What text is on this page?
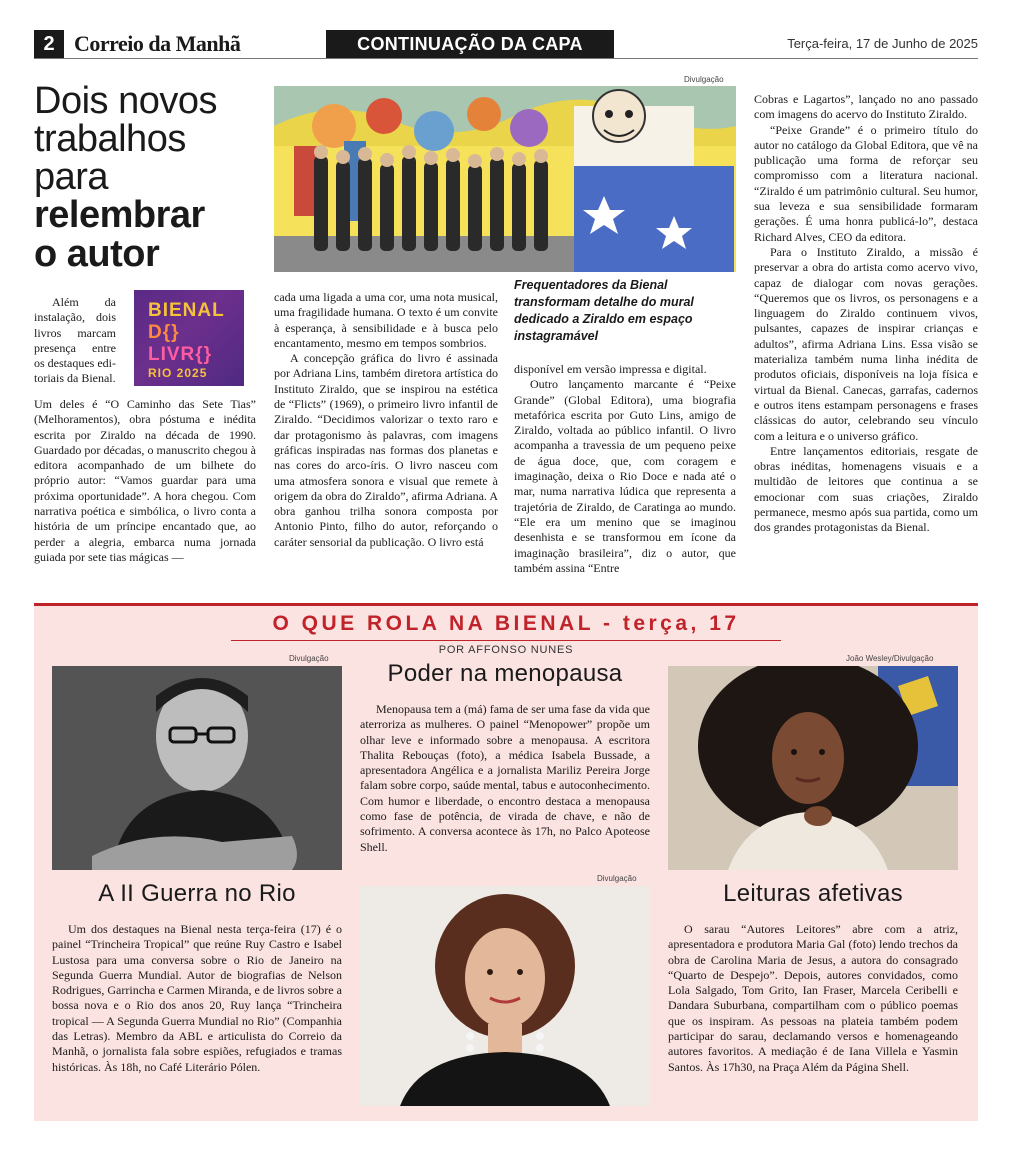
2 Correio da Manhã	CONTINUAÇÃO DA CAPA	Terça-feira, 17 de Junho de 2025
Dois novos
trabalhos
para
relembrar
o autor
Divulgação
Frequentadores da Bienal transformam detalhe do mural dedicado a Ziraldo em espaço instagramável
BIENAL
D{}
LIVR{}
RIO 2025

Além da instalação, dois livros marcam presença entre os destaques edi-toriais da Bienal.

Um deles é “O Caminho das Sete Tias” (Melhoramentos), obra póstuma e inédita escrita por Ziraldo na década de 1990. Guardado por décadas, o manuscrito chegou à editora acompanhado de um bilhete do próprio autor: “Vamos guardar para uma próxima oportunidade”. A hora chegou. Com narrativa poética e simbólica, o livro conta a história de um príncipe encantado que, ao perder a alegria, embarca numa jornada guiada por sete tias mágicas —

cada uma ligada a uma cor, uma nota musical, uma fragilidade humana. O texto é um convite à esperança, à sensibilidade e à busca pelo encantamento, mesmo em tempos sombrios.

A concepção gráfica do livro é assinada por Adriana Lins, também diretora artística do Instituto Ziraldo, que se inspirou na estética de “Flicts” (1969), o primeiro livro infantil de Ziraldo. “Decidimos valorizar o texto raro e dar protagonismo às palavras, com imagens gráficas inspiradas nas formas dos planetas e nas cores do arco-íris. O livro nasceu com uma atmosfera sonora e visual que remete à origem da obra do Ziraldo”, afirma Adriana. A obra ganhou trilha sonora composta por Antonio Pinto, filho do autor, reforçando o caráter sensorial da publicação. O livro está

disponível em versão impressa e digital.

Outro lançamento marcante é “Peixe Grande” (Global Editora), uma biografia metafórica escrita por Guto Lins, amigo de Ziraldo, voltada ao público infantil. O livro acompanha a travessia de um pequeno peixe de água doce, que, com coragem e imaginação, deixa o Rio Doce e nada até o mar, numa narrativa lúdica que representa a trajetória de Ziraldo, de Caratinga ao mundo. “Ele era um menino que se imaginou desenhista e se transformou em ícone da imaginação brasileira”, diz o autor, que também assina “Entre

Cobras e Lagartos”, lançado no ano passado com imagens do acervo do Instituto Ziraldo.

“Peixe Grande” é o primeiro título do autor no catálogo da Global Editora, que vê na publicação uma forma de reforçar seu compromisso com a literatura nacional. “Ziraldo é um patrimônio cultural. Seu humor, sua leveza e sua sensibilidade formaram gerações. É uma honra publicá-lo”, destaca Richard Alves, CEO da editora.

Para o Instituto Ziraldo, a missão é preservar a obra do artista como acervo vivo, capaz de dialogar com novas gerações. “Queremos que os livros, os personagens e a linguagem do Ziraldo continuem vivos, pulsantes, capazes de inspirar crianças e adultos”, afirma Adriana Lins. Essa visão se materializa também numa linha inédita de produtos oficiais, disponíveis na loja física e virtual da Bienal. Canecas, garrafas, cadernos e outros itens estampam personagens e frases clássicas do autor, celebrando seu vínculo com a leitura e o universo gráfico.

Entre lançamentos editoriais, resgate de obras inéditas, homenagens visuais e a multidão de leitores que continua a se emocionar com suas criações, Ziraldo permanece, mesmo após sua partida, como um dos grandes protagonistas da Bienal.

O QUE ROLA NA BIENAL - terça, 17
POR AFFONSO NUNES
Divulgação
A II Guerra no Rio

Um dos destaques na Bienal nesta terça-feira (17) é o painel “Trincheira Tropical” que reúne Ruy Castro e Isabel Lustosa para uma conversa sobre o Rio de Janeiro na Segunda Guerra Mundial. Autor de biografias de Nelson Rodrigues, Garrincha e Carmen Miranda, e de livros sobre a bossa nova e o Rio dos anos 20, Ruy lança “Trincheira tropical — A Segunda Guerra Mundial no Rio” (Companhia das Letras). Membro da ABL e articulista do Correio da Manhã, o jornalista fala sobre espiões, refugiados e tramas históricas. Às 18h, no Café Literário Pólen.

Poder na menopausa

Menopausa tem a (má) fama de ser uma fase da vida que aterroriza as mulheres. O painel “Menopower” propõe um olhar leve e informado sobre a menopausa. A escritora Thalita Rebouças (foto), a médica Isabela Bussade, a apresentadora Angélica e a jornalista Mariliz Pereira Jorge falam sobre corpo, saúde mental, tabus e autoconhecimento. Com humor e liberdade, o encontro destaca a menopausa como fase de potência, de virada de chave, e não de sofrimento. A conversa acontece às 17h, no Palco Apoteose Shell.

Divulgação
João Wesley/Divulgação
Leituras afetivas

O sarau “Autores Leitores” abre com a atriz, apresentadora e produtora Maria Gal (foto) lendo trechos da obra de Carolina Maria de Jesus, a autora do consagrado “Quarto de Despejo”. Depois, autores convidados, como Lola Salgado, Tom Grito, Ian Fraser, Marcela Ceribelli e Dandara Suburbana, compartilham com o público poemas que os inspiram. As pessoas na plateia também podem participar do sarau, declamando versos e homenageando autores favoritos. A mediação é de Iana Villela e Yasmin Santos. Às 17h30, na Praça Além da Página Shell.
